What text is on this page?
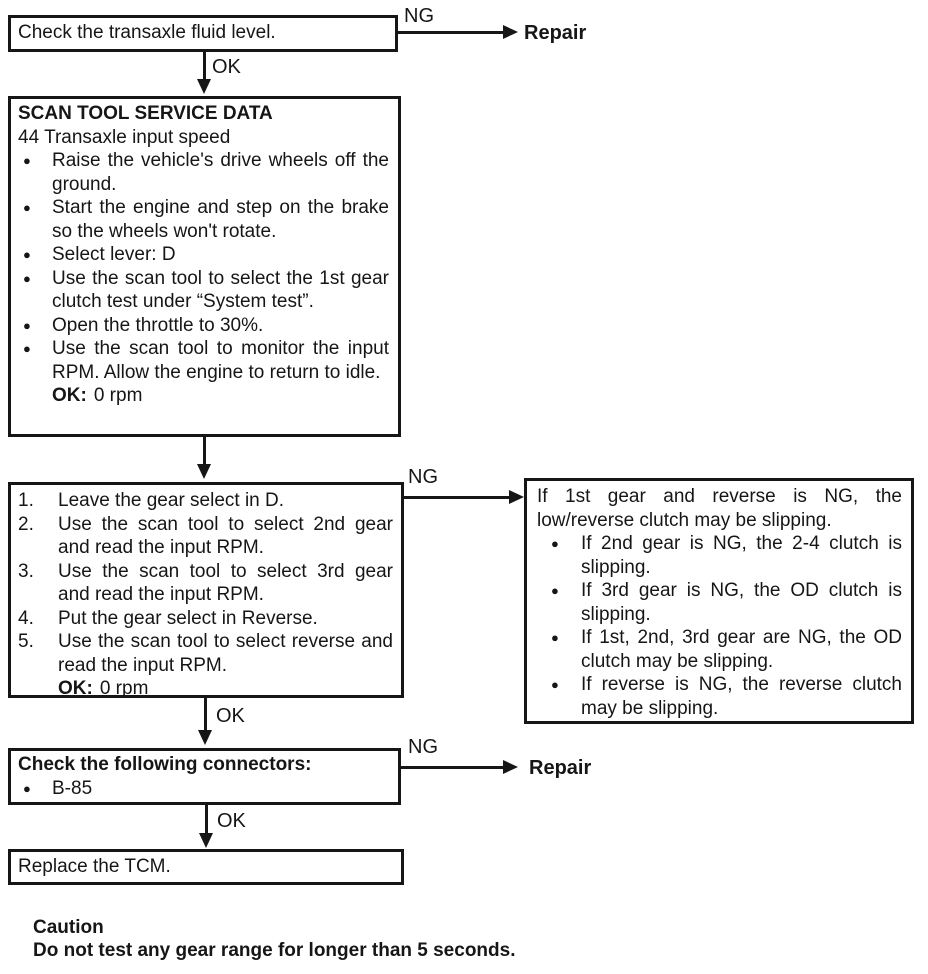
Check the transaxle fluid level.
NG
Repair
OK
SCAN TOOL SERVICE DATA
44 Transaxle input speed
●	Raise the vehicle's drive wheels off the ground.
●	Start the engine and step on the brake so the wheels won't rotate.
●	Select lever: D
●	Use the scan tool to select the 1st gear clutch test under “System test”.
●	Open the throttle to 30%.
●	Use the scan tool to monitor the input RPM. Allow the engine to return to idle.
OK: 0 rpm
1.	Leave the gear select in D.
2.	Use the scan tool to select 2nd gear and read the input RPM.
3.	Use the scan tool to select 3rd gear and read the input RPM.
4.	Put the gear select in Reverse.
5.	Use the scan tool to select reverse and read the input RPM.
OK: 0 rpm
NG
If 1st gear and reverse is NG, the low/reverse clutch may be slipping.
●	If 2nd gear is NG, the 2-4 clutch is slipping.
●	If 3rd gear is NG, the OD clutch is slipping.
●	If 1st, 2nd, 3rd gear are NG, the OD clutch may be slipping.
●	If reverse is NG, the reverse clutch may be slipping.
OK
Check the following connectors:
●	B-85
NG
Repair
OK
Replace the TCM.
Caution
Do not test any gear range for longer than 5 seconds.
